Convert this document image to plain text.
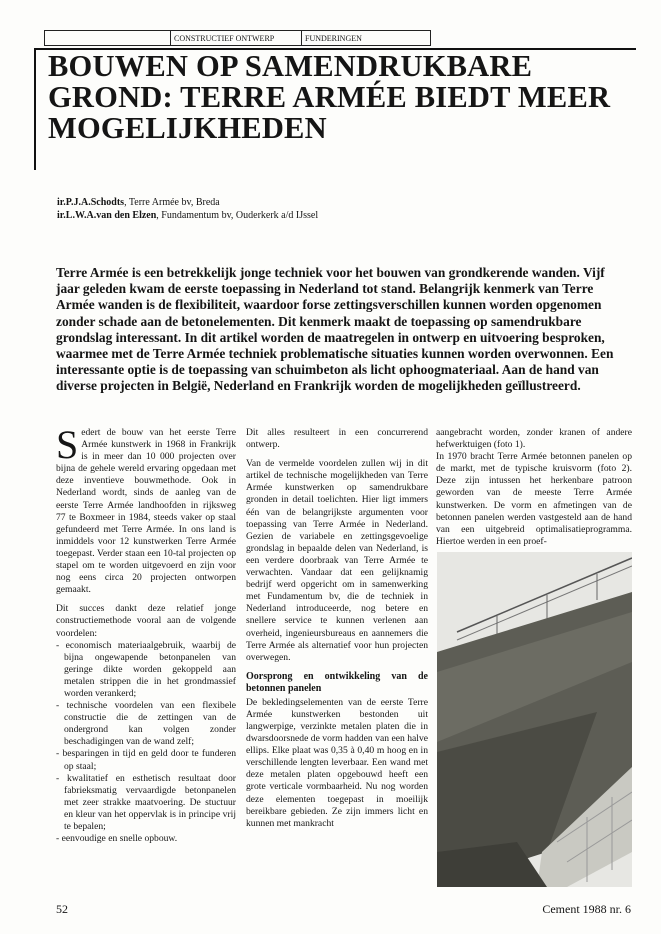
CONSTRUCTIEF ONTWERP	FUNDERINGEN
BOUWEN OP SAMENDRUKBARE GROND: TERRE ARMÉE BIEDT MEER MOGELIJKHEDEN
ir.P.J.A.Schodts, Terre Armée bv, Breda
ir.L.W.A.van den Elzen, Fundamentum bv, Ouderkerk a/d IJssel

Terre Armée is een betrekkelijk jonge techniek voor het bouwen van grondkerende wanden. Vijf jaar geleden kwam de eerste toepassing in Nederland tot stand. Belangrijk kenmerk van Terre Armée wanden is de flexibiliteit, waardoor forse zettingsverschillen kunnen worden opgenomen zonder schade aan de betonelementen. Dit kenmerk maakt de toepassing op samendrukbare grondslag interessant. In dit artikel worden de maatregelen in ontwerp en uitvoering besproken, waarmee met de Terre Armée techniek problematische situaties kunnen worden overwonnen. Een interessante optie is de toepassing van schuimbeton als licht ophoogmateriaal. Aan de hand van diverse projecten in België, Nederland en Frankrijk worden de mogelijkheden geïllustreerd.

Sedert de bouw van het eerste Terre Armée kunstwerk in 1968 in Frankrijk is in meer dan 10 000 projecten over bijna de gehele wereld ervaring opgedaan met deze inventieve bouwmethode. Ook in Nederland wordt, sinds de aanleg van de eerste Terre Armée landhoofden in rijksweg 77 te Boxmeer in 1984, steeds vaker op staal gefundeerd met Terre Armée. In ons land is inmiddels voor 12 kunstwerken Terre Armée toegepast. Verder staan een 10-tal projecten op stapel om te worden uitgevoerd en zijn voor nog eens circa 20 projecten ontworpen gemaakt.

Dit succes dankt deze relatief jonge constructiemethode vooral aan de volgende voordelen:

- economisch materiaalgebruik, waarbij de bijna ongewapende betonpanelen van geringe dikte worden gekoppeld aan metalen strippen die in het grondmassief worden verankerd;
- technische voordelen van een flexibele constructie die de zettingen van de ondergrond kan volgen zonder beschadigingen van de wand zelf;
- besparingen in tijd en geld door te funderen op staal;
- kwalitatief en esthetisch resultaat door fabrieksmatig vervaardigde betonpanelen met zeer strakke maatvoering. De stuctuur en kleur van het oppervlak is in principe vrij te bepalen;
- eenvoudige en snelle opbouw.

Dit alles resulteert in een concurrerend ontwerp.

Van de vermelde voordelen zullen wij in dit artikel de technische mogelijkheden van Terre Armée kunstwerken op samendrukbare gronden in detail toelichten. Hier ligt immers één van de belangrijkste argumenten voor toepassing van Terre Armée in Nederland. Gezien de variabele en zettingsgevoelige grondslag in bepaalde delen van Nederland, is een verdere doorbraak van Terre Armée te verwachten. Vandaar dat een gelijknamig bedrijf werd opgericht om in samenwerking met Fundamentum bv, die de techniek in Nederland introduceerde, nog betere en snellere service te kunnen verlenen aan overheid, ingenieursbureaus en aannemers die Terre Armée als alternatief voor hun projecten overwegen.

Oorsprong en ontwikkeling van de betonnen panelen

De bekledingselementen van de eerste Terre Armée kunstwerken bestonden uit langwerpige, verzinkte metalen platen die in dwarsdoorsnede de vorm hadden van een halve ellips. Elke plaat was 0,35 à 0,40 m hoog en in verschillende lengten leverbaar. Een wand met deze metalen platen opgebouwd heeft een grote verticale vormbaarheid. Nu nog worden deze elementen toegepast in moeilijk bereikbare gebieden. Ze zijn immers licht en kunnen met mankracht

aangebracht worden, zonder kranen of andere hefwerktuigen (foto 1).

In 1970 bracht Terre Armée betonnen panelen op de markt, met de typische kruisvorm (foto 2). Deze zijn intussen het herkenbare patroon geworden van de meeste Terre Armée kunstwerken. De vorm en afmetingen van de betonnen panelen werden vastgesteld aan de hand van een uitgebreid optimalisatieprogramma. Hiertoe werden in een proef-

52	Cement 1988 nr. 6
